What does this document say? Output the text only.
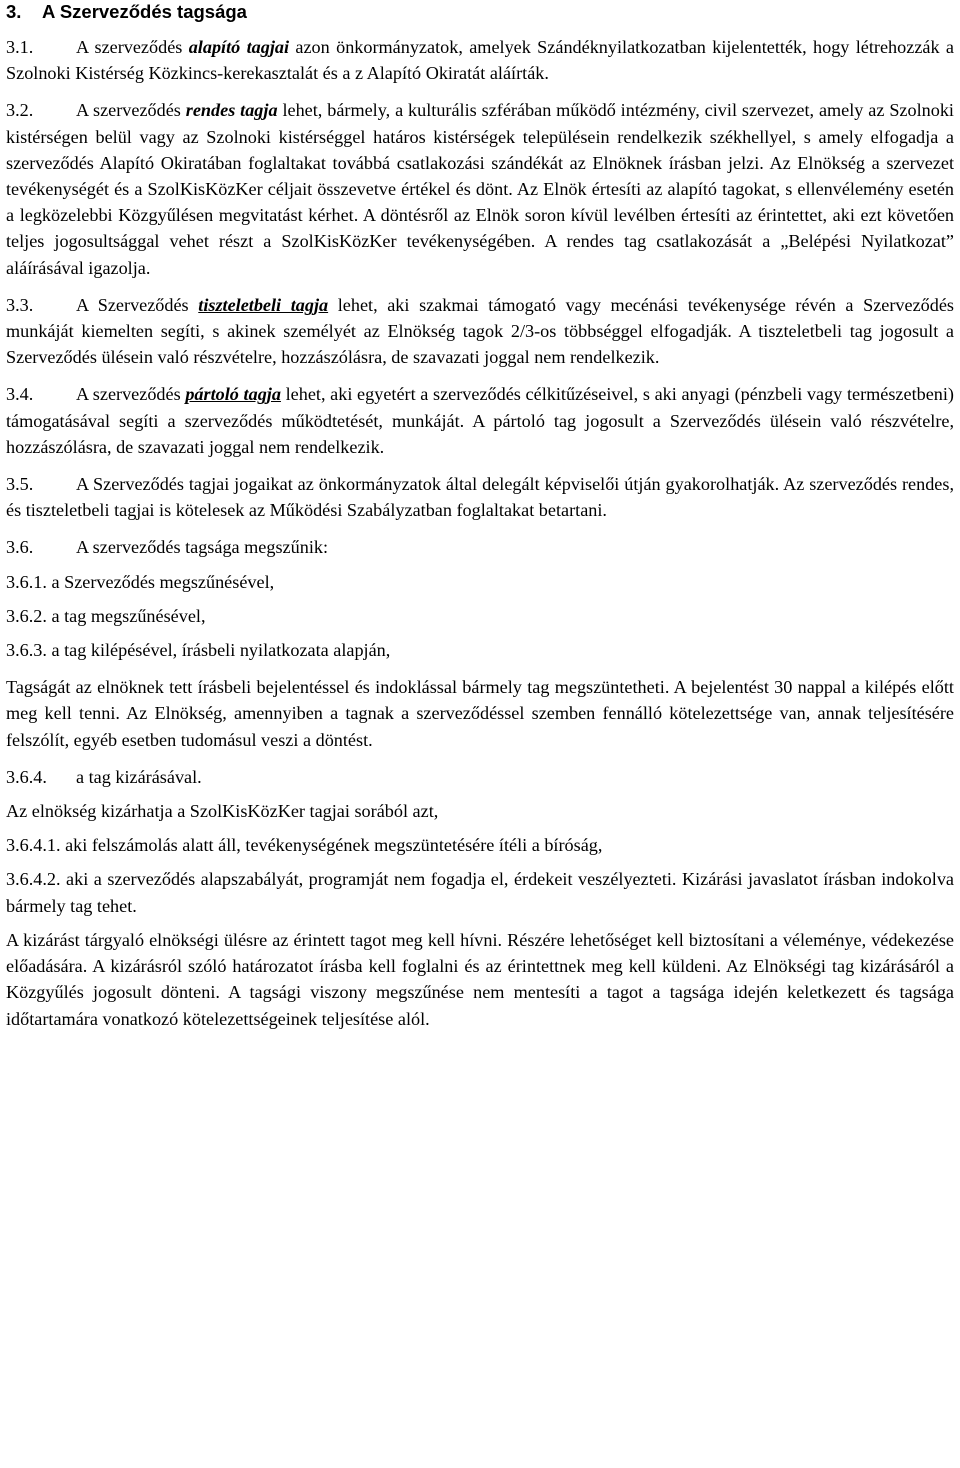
3. A Szerveződés tagsága

3.1. A szerveződés alapító tagjai azon önkormányzatok, amelyek Szándéknyilatkozatban kijelentették, hogy létrehozzák a Szolnoki Kistérség Közkincs-kerekasztalát és a z Alapító Okiratát aláírták.

3.2. A szerveződés rendes tagja lehet, bármely, a kulturális szférában működő intézmény, civil szervezet, amely az Szolnoki kistérségen belül vagy az Szolnoki kistérséggel határos kistérségek településein rendelkezik székhellyel, s amely elfogadja a szerveződés Alapító Okiratában foglaltakat továbbá csatlakozási szándékát az Elnöknek írásban jelzi. Az Elnökség a szervezet tevékenységét és a SzolKisKözKer céljait összevetve értékel és dönt. Az Elnök értesíti az alapító tagokat, s ellenvélemény esetén a legközelebbi Közgyűlésen megvitatást kérhet. A döntésről az Elnök soron kívül levélben értesíti az érintettet, aki ezt követően teljes jogosultsággal vehet részt a SzolKisKözKer tevékenységében. A rendes tag csatlakozását a „Belépési Nyilatkozat” aláírásával igazolja.

3.3. A Szerveződés tiszteletbeli tagja lehet, aki szakmai támogató vagy mecénási tevékenysége révén a Szerveződés munkáját kiemelten segíti, s akinek személyét az Elnökség tagok 2/3-os többséggel elfogadják. A tiszteletbeli tag jogosult a Szerveződés ülésein való részvételre, hozzászólásra, de szavazati joggal nem rendelkezik.

3.4. A szerveződés pártoló tagja lehet, aki egyetért a szerveződés célkitűzéseivel, s aki anyagi (pénzbeli vagy természetbeni) támogatásával segíti a szerveződés működtetését, munkáját. A pártoló tag jogosult a Szerveződés ülésein való részvételre, hozzászólásra, de szavazati joggal nem rendelkezik.

3.5. A Szerveződés tagjai jogaikat az önkormányzatok által delegált képviselői útján gyakorolhatják. Az szerveződés rendes, és tiszteletbeli tagjai is kötelesek az Működési Szabályzatban foglaltakat betartani.

3.6. A szerveződés tagsága megszűnik:

3.6.1. a Szerveződés megszűnésével,

3.6.2. a tag megszűnésével,

3.6.3. a tag kilépésével, írásbeli nyilatkozata alapján,

Tagságát az elnöknek tett írásbeli bejelentéssel és indoklással bármely tag megszüntetheti. A bejelentést 30 nappal a kilépés előtt meg kell tenni. Az Elnökség, amennyiben a tagnak a szerveződéssel szemben fennálló kötelezettsége van, annak teljesítésére felszólít, egyéb esetben tudomásul veszi a döntést.

3.6.4. a tag kizárásával.

Az elnökség kizárhatja a SzolKisKözKer tagjai sorából azt,

3.6.4.1. aki felszámolás alatt áll, tevékenységének megszüntetésére ítéli a bíróság,

3.6.4.2. aki a szerveződés alapszabályát, programját nem fogadja el, érdekeit veszélyezteti. Kizárási javaslatot írásban indokolva bármely tag tehet.

A kizárást tárgyaló elnökségi ülésre az érintett tagot meg kell hívni. Részére lehetőséget kell biztosítani a véleménye, védekezése előadására. A kizárásról szóló határozatot írásba kell foglalni és az érintettnek meg kell küldeni. Az Elnökségi tag kizárásáról a Közgyűlés jogosult dönteni. A tagsági viszony megszűnése nem mentesíti a tagot a tagsága idején keletkezett és tagsága időtartamára vonatkozó kötelezettségeinek teljesítése alól.
